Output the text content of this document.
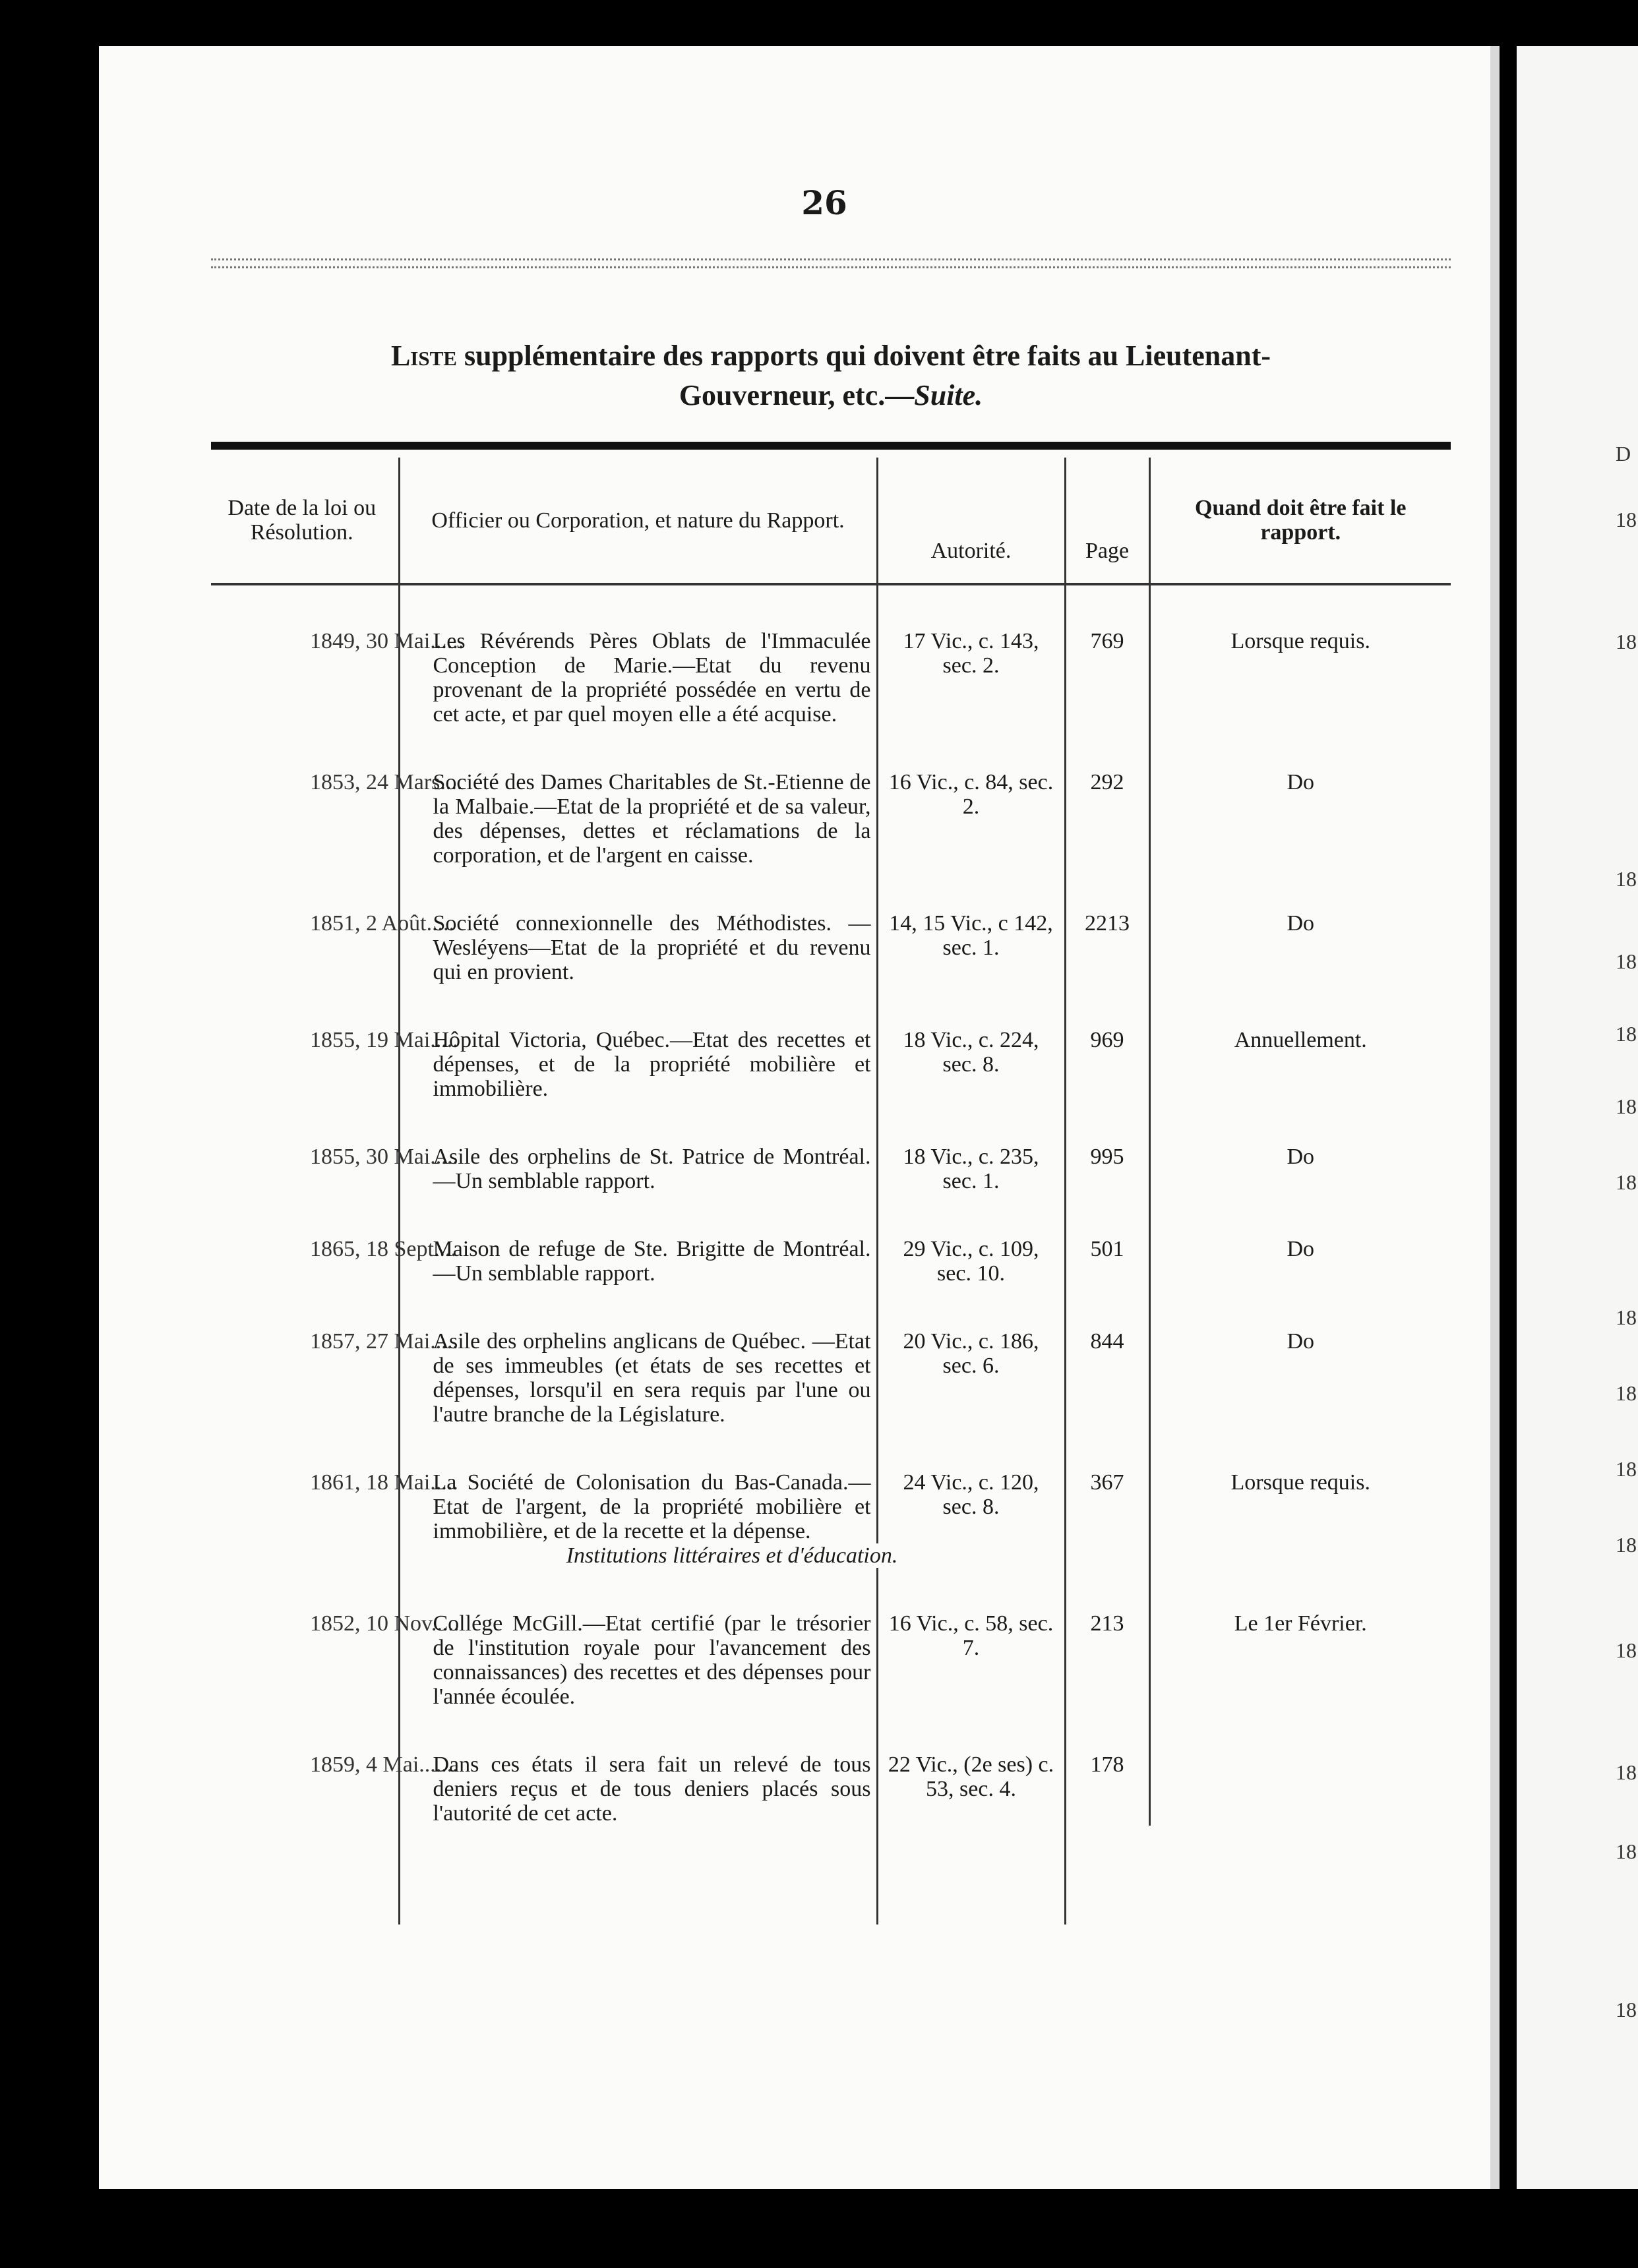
26
Liste supplémentaire des rapports qui doivent être faits au Lieutenant-
Gouverneur, etc.—Suite.
Date de la loi ou Résolution.	Officier ou Corporation, et nature du Rapport.	Autorité.	Page	Quand doit être fait le rapport.

1849, 30 Mai......	Les Révérends Pères Oblats de l'Immaculée Conception de Marie.—Etat du revenu provenant de la propriété possédée en vertu de cet acte, et par quel moyen elle a été acquise.	17 Vic., c. 143, sec. 2.	769	Lorsque requis.

1853, 24 Mars....	Société des Dames Charitables de St.-Etienne de la Malbaie.—Etat de la propriété et de sa valeur, des dépenses, dettes et réclamations de la corporation, et de l'argent en caisse.	16 Vic., c. 84, sec. 2.	292	Do

1851, 2 Août.....	Société connexionnelle des Méthodistes. —Wesléyens—Etat de la propriété et du revenu qui en provient.	14, 15 Vic., c 142, sec. 1.	2213	Do

1855, 19 Mai.....	Hôpital Victoria, Québec.—Etat des recettes et dépenses, et de la propriété mobilière et immobilière.	18 Vic., c. 224, sec. 8.	969	Annuellement.

1855, 30 Mai.....	Asile des orphelins de St. Patrice de Montréal.—Un semblable rapport.	18 Vic., c. 235, sec. 1.	995	Do

1865, 18 Sept....	Maison de refuge de Ste. Brigitte de Montréal.—Un semblable rapport.	29 Vic., c. 109, sec. 10.	501	Do

1857, 27 Mai.....	Asile des orphelins anglicans de Québec. —Etat de ses immeubles (et états de ses recettes et dépenses, lorsqu'il en sera requis par l'une ou l'autre branche de la Législature.	20 Vic., c. 186, sec. 6.	844	Do

1861, 18 Mai.....	La Société de Colonisation du Bas-Canada.—Etat de l'argent, de la propriété mobilière et immobilière, et de la recette et la dépense.	24 Vic., c. 120, sec. 8.	367	Lorsque requis.
	Institutions littéraires et d'éducation.			

1852, 10 Nov.....	Collége McGill.—Etat certifié (par le trésorier de l'institution royale pour l'avancement des connaissances) des recettes et des dépenses pour l'année écoulée.	16 Vic., c. 58, sec. 7.	213	Le 1er Février.

1859, 4 Mai.......	Dans ces états il sera fait un relevé de tous deniers reçus et de tous deniers placés sous l'autorité de cet acte.	22 Vic., (2e ses) c. 53, sec. 4.	178	

D
18
18
18
18
18
18
18
18
18
18
18
18
18
18
18
